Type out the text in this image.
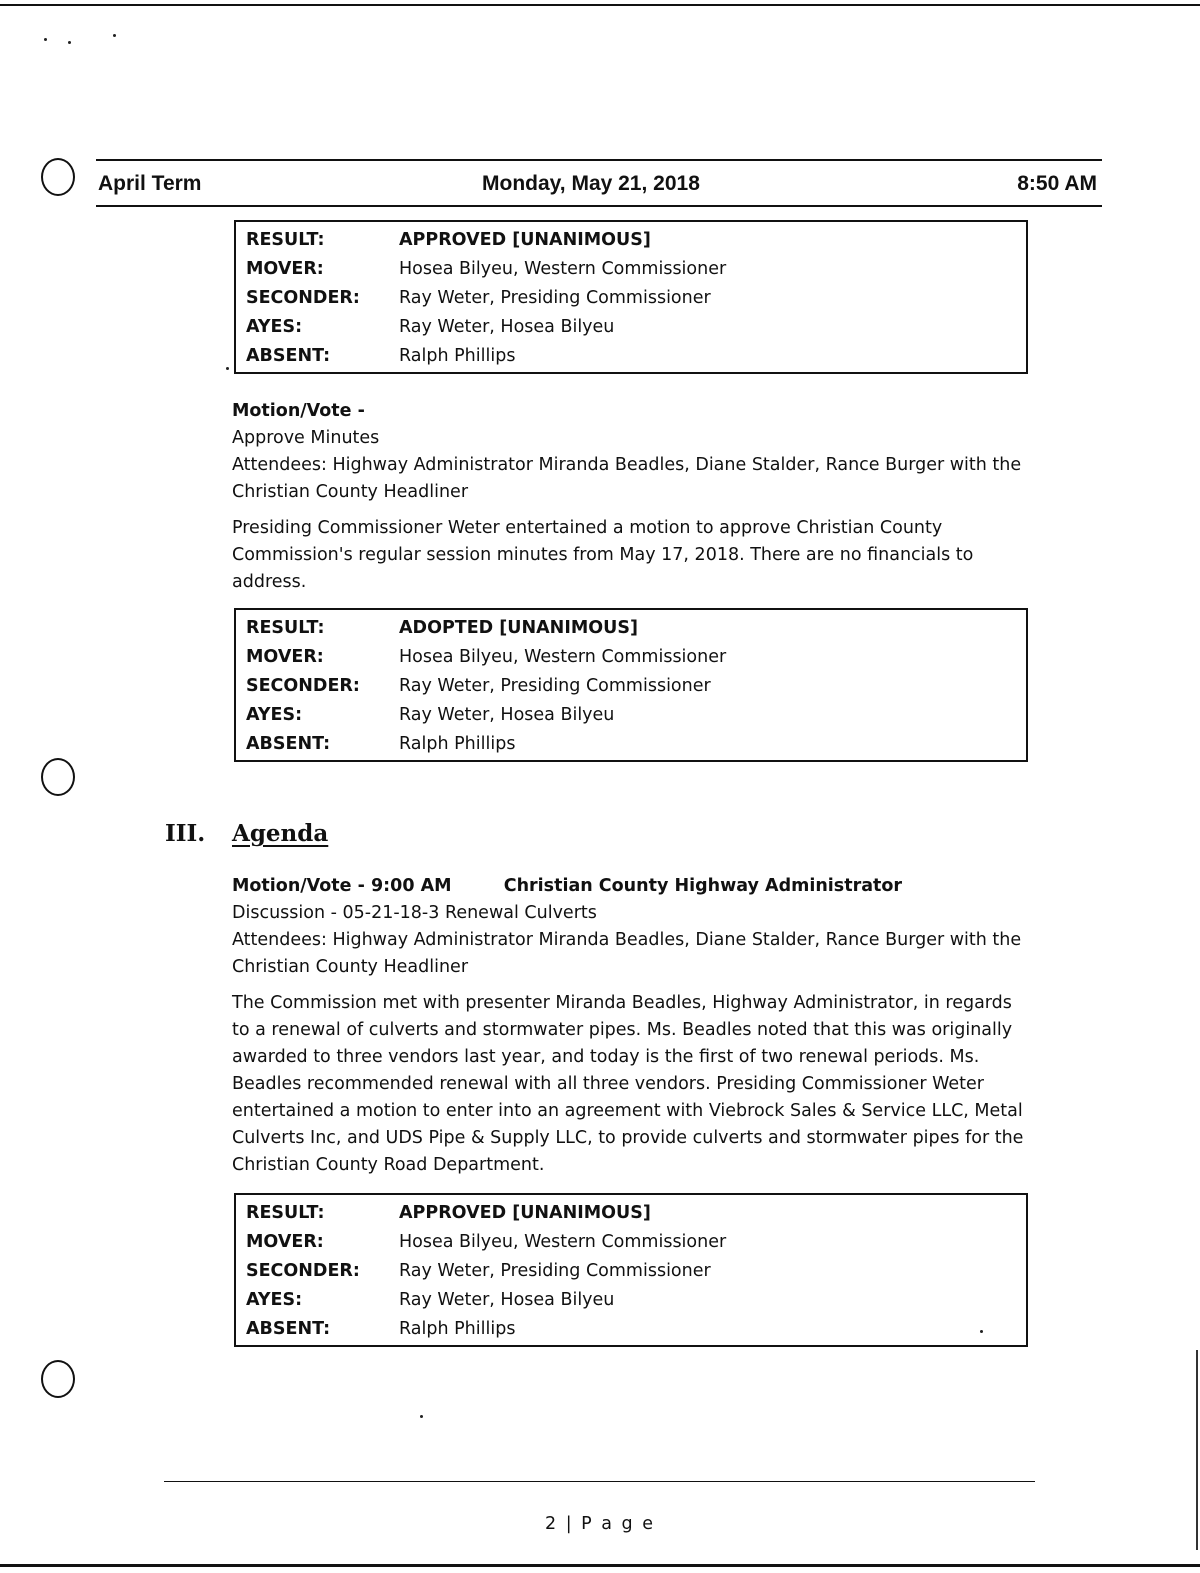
April Term	Monday, May 21, 2018	8:50 AM
RESULT:	APPROVED [UNANIMOUS]
MOVER:	Hosea Bilyeu, Western Commissioner
SECONDER:	Ray Weter, Presiding Commissioner
AYES:	Ray Weter, Hosea Bilyeu
ABSENT:	Ralph Phillips
Motion/Vote -
Approve Minutes
Attendees: Highway Administrator Miranda Beadles, Diane Stalder, Rance Burger with the Christian County Headliner

Presiding Commissioner Weter entertained a motion to approve Christian County Commission's regular session minutes from May 17, 2018. There are no financials to address.

RESULT:	ADOPTED [UNANIMOUS]
MOVER:	Hosea Bilyeu, Western Commissioner
SECONDER:	Ray Weter, Presiding Commissioner
AYES:	Ray Weter, Hosea Bilyeu
ABSENT:	Ralph Phillips
III. Agenda
Motion/Vote - 9:00 AM	Christian County Highway Administrator
Discussion - 05-21-18-3 Renewal Culverts
Attendees: Highway Administrator Miranda Beadles, Diane Stalder, Rance Burger with the Christian County Headliner

The Commission met with presenter Miranda Beadles, Highway Administrator, in regards to a renewal of culverts and stormwater pipes. Ms. Beadles noted that this was originally awarded to three vendors last year, and today is the first of two renewal periods. Ms. Beadles recommended renewal with all three vendors. Presiding Commissioner Weter entertained a motion to enter into an agreement with Viebrock Sales & Service LLC, Metal Culverts Inc, and UDS Pipe & Supply LLC, to provide culverts and stormwater pipes for the Christian County Road Department.

RESULT:	APPROVED [UNANIMOUS]
MOVER:	Hosea Bilyeu, Western Commissioner
SECONDER:	Ray Weter, Presiding Commissioner
AYES:	Ray Weter, Hosea Bilyeu
ABSENT:	Ralph Phillips
2 | P a g e
